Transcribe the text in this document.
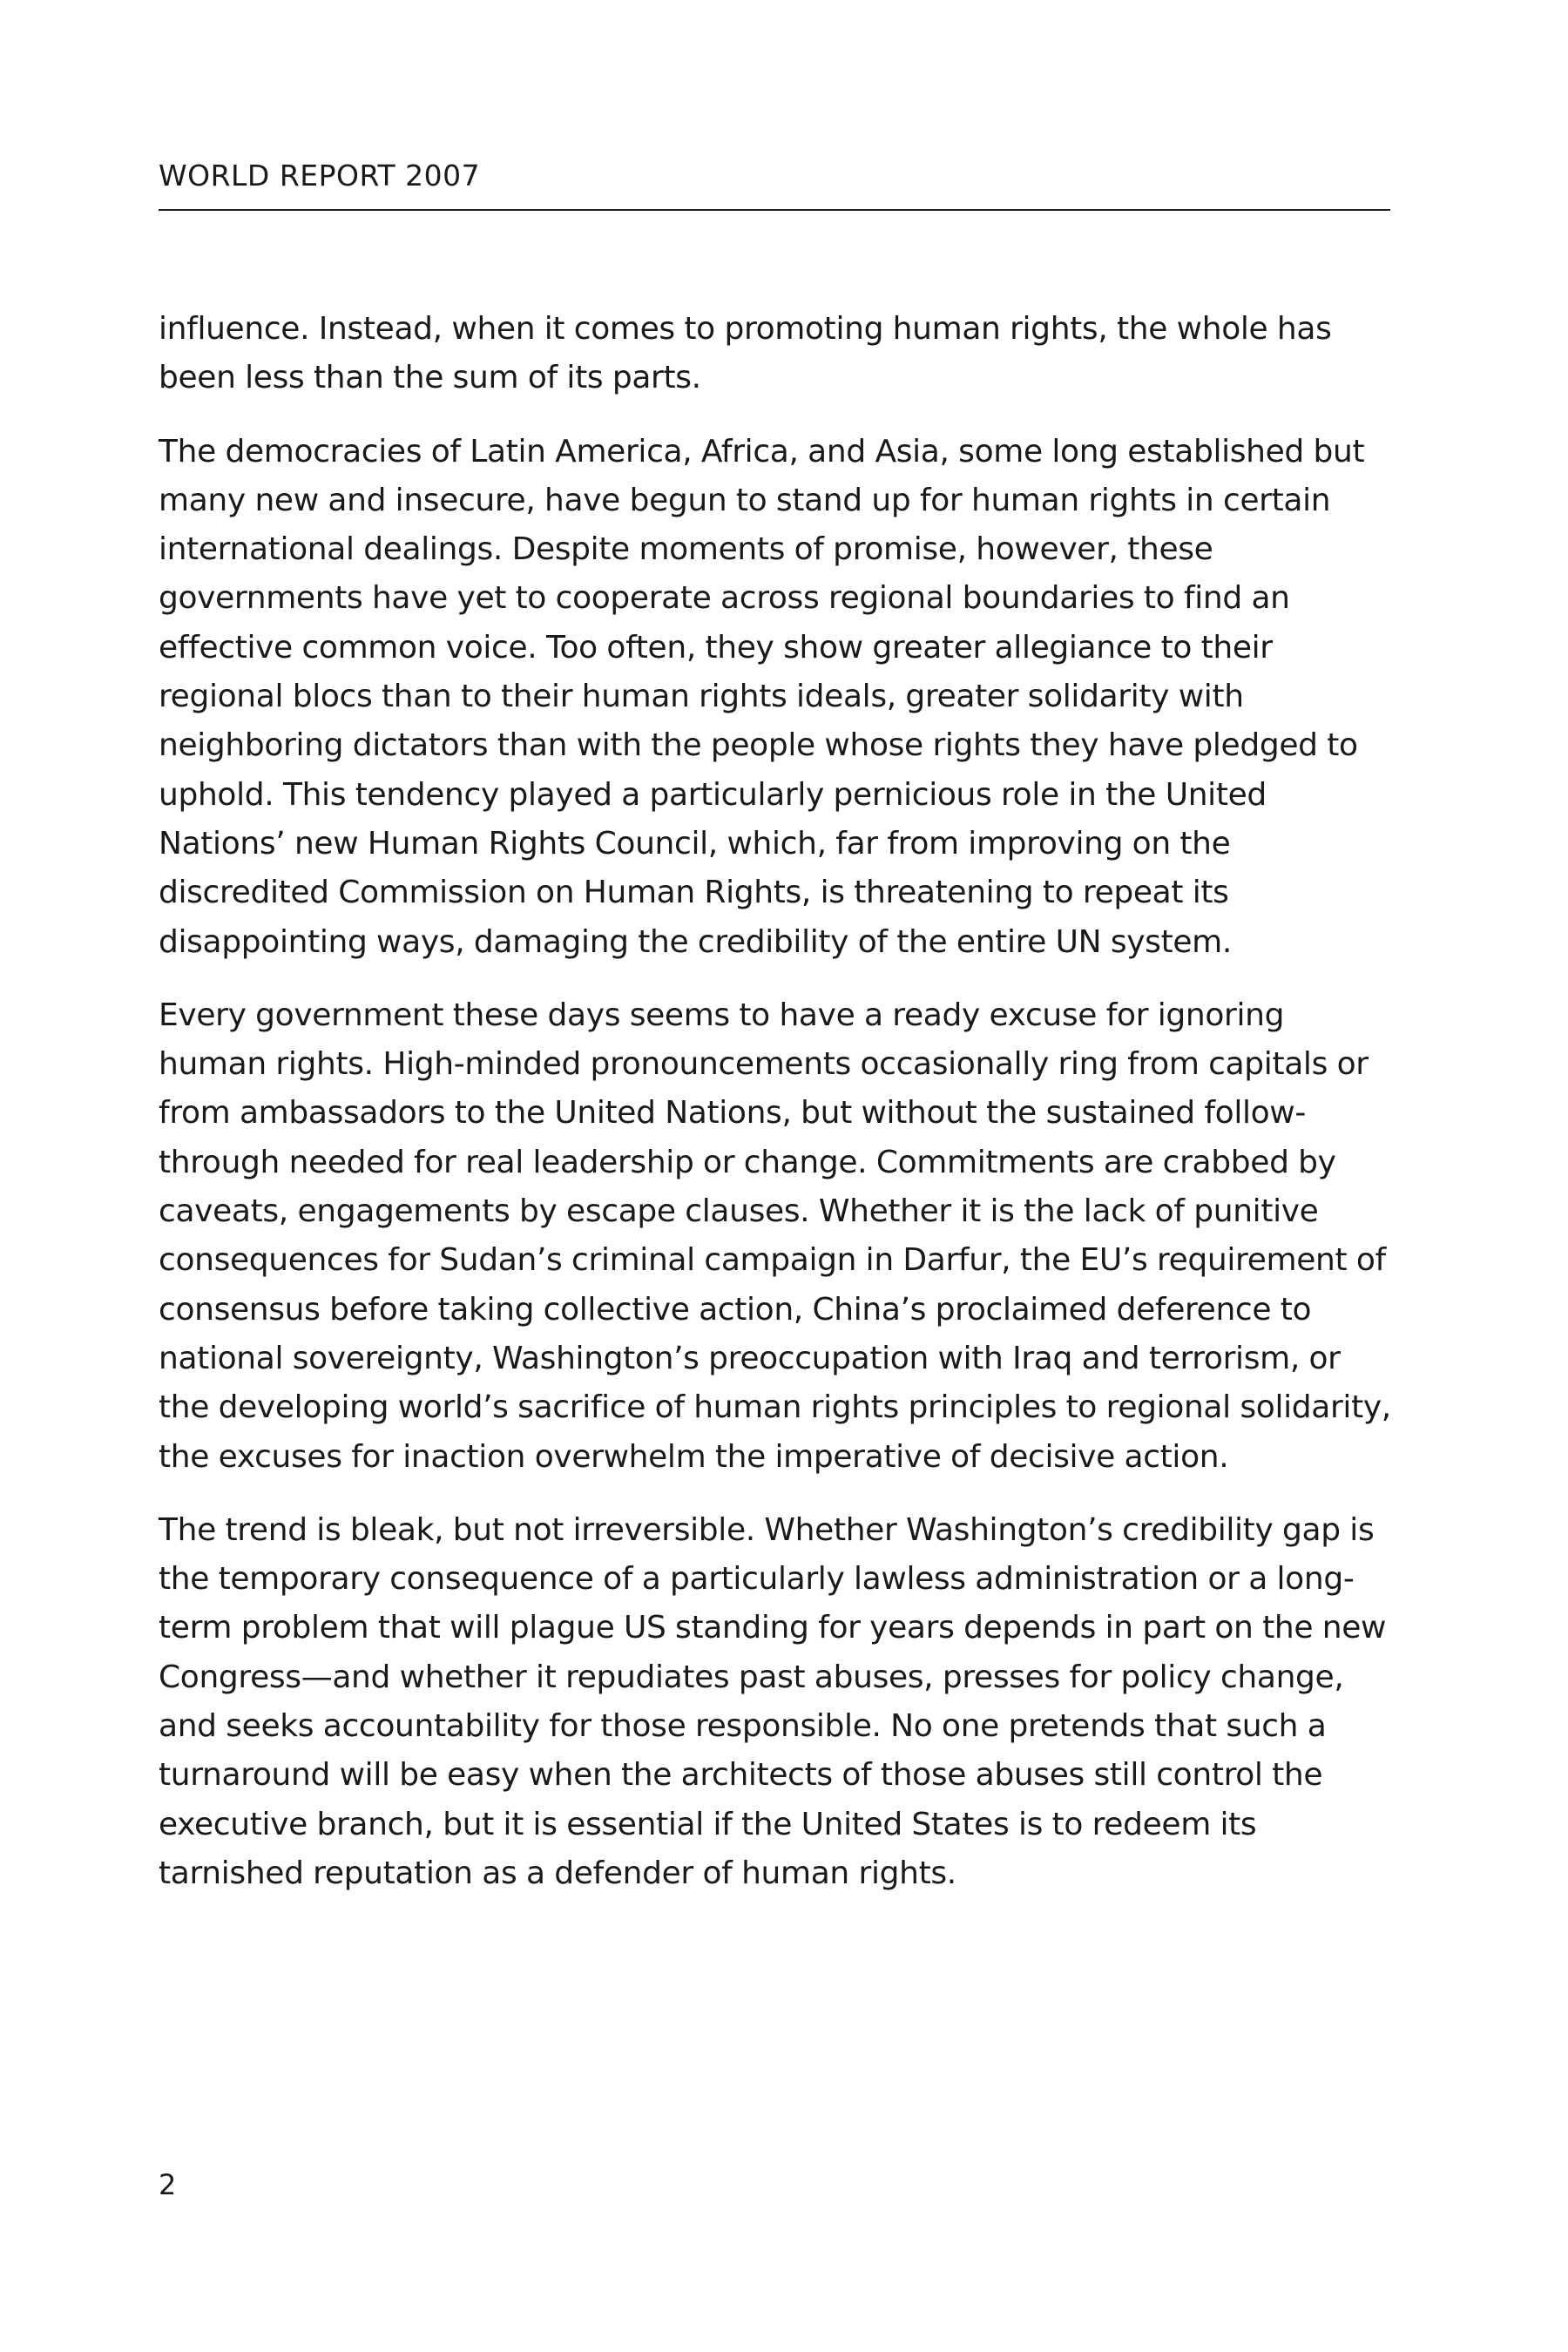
WORLD REPORT 2007

influence. Instead, when it comes to promoting human rights, the whole has been less than the sum of its parts.

The democracies of Latin America, Africa, and Asia, some long established but many new and insecure, have begun to stand up for human rights in certain international dealings. Despite moments of promise, however, these governments have yet to cooperate across regional boundaries to find an effective common voice. Too often, they show greater allegiance to their regional blocs than to their human rights ideals, greater solidarity with neighboring dictators than with the people whose rights they have pledged to uphold. This tendency played a particularly pernicious role in the United Nations’ new Human Rights Council, which, far from improving on the discredited Commission on Human Rights, is threatening to repeat its disappointing ways, damaging the credibility of the entire UN system.

Every government these days seems to have a ready excuse for ignoring human rights. High-minded pronouncements occasionally ring from capitals or from ambassadors to the United Nations, but without the sustained follow-through needed for real leadership or change. Commitments are crabbed by caveats, engagements by escape clauses. Whether it is the lack of punitive consequences for Sudan’s criminal campaign in Darfur, the EU’s requirement of consensus before taking collective action, China’s proclaimed deference to national sovereignty, Washington’s preoccupation with Iraq and terrorism, or the developing world’s sacrifice of human rights principles to regional solidarity, the excuses for inaction overwhelm the imperative of decisive action.

The trend is bleak, but not irreversible. Whether Washington’s credibility gap is the temporary consequence of a particularly lawless administration or a long-term problem that will plague US standing for years depends in part on the new Congress—and whether it repudiates past abuses, presses for policy change, and seeks accountability for those responsible. No one pretends that such a turnaround will be easy when the architects of those abuses still control the executive branch, but it is essential if the United States is to redeem its tarnished reputation as a defender of human rights.

2
